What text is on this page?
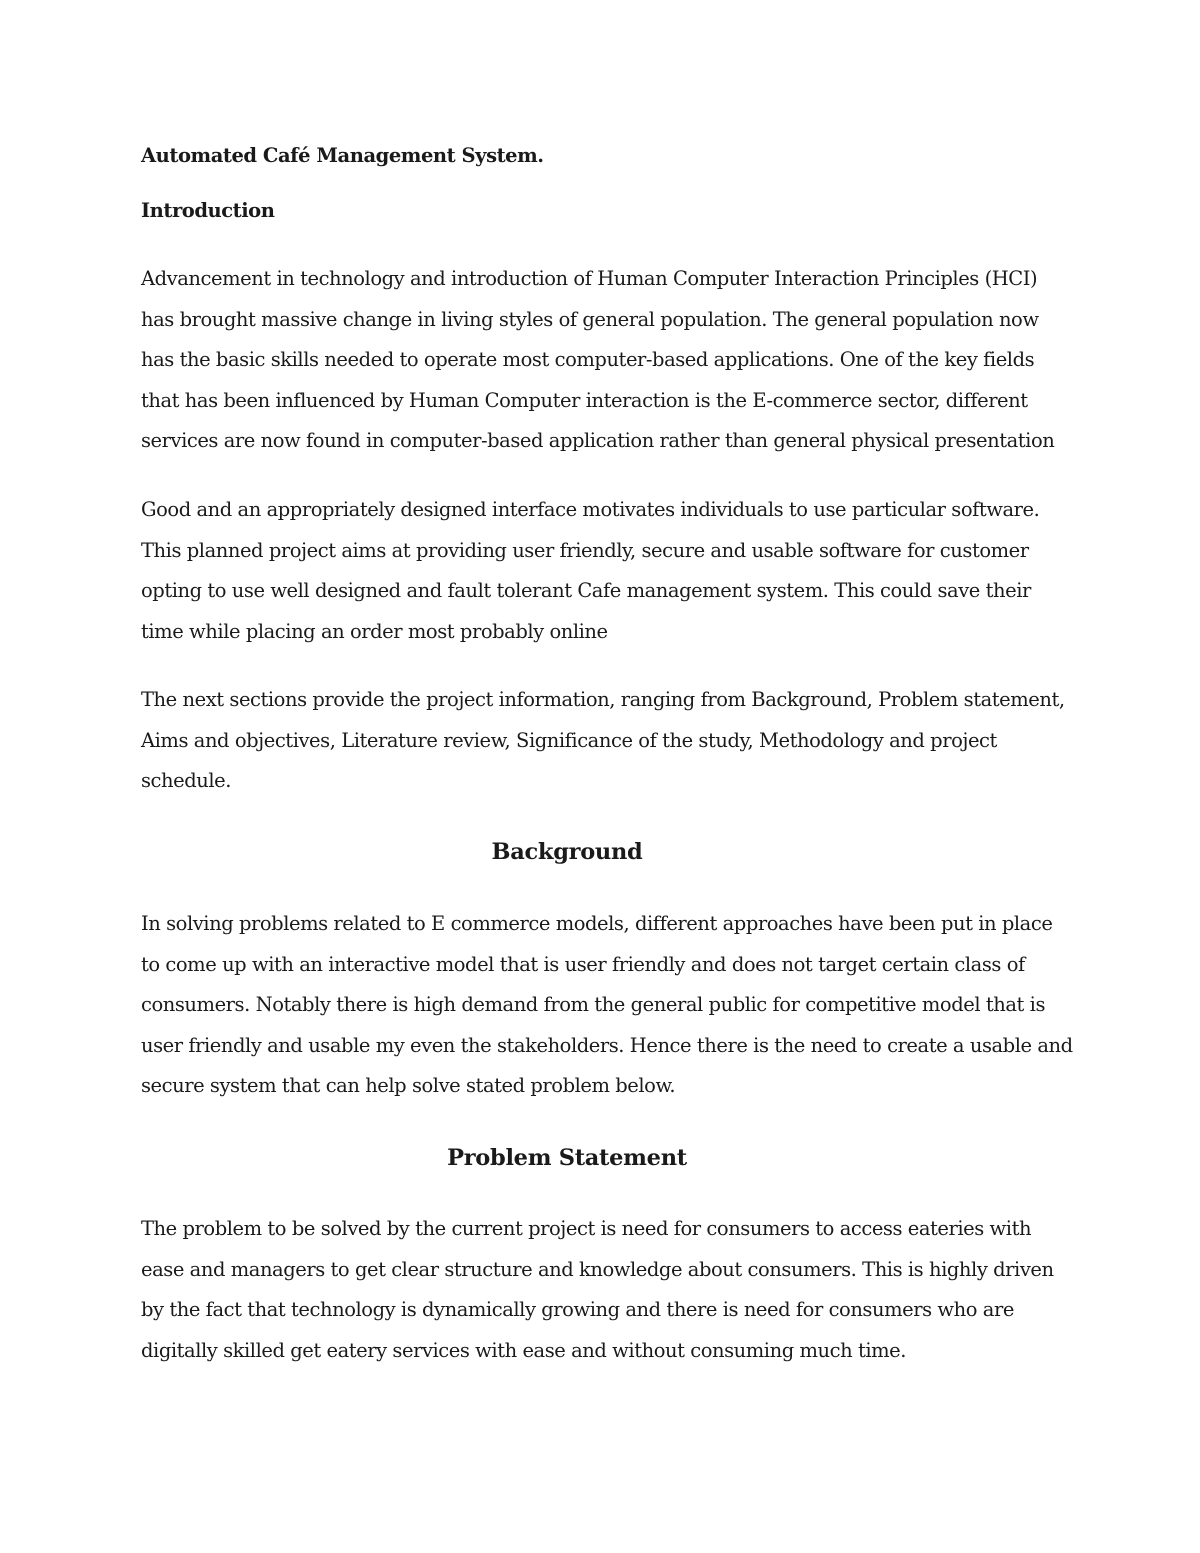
Automated Café Management System.
Introduction

Advancement in technology and introduction of Human Computer Interaction Principles (HCI)
has brought massive change in living styles of general population. The general population now
has the basic skills needed to operate most computer-based applications. One of the key fields
that has been influenced by Human Computer interaction is the E-commerce sector, different
services are now found in computer-based application rather than general physical presentation

Good and an appropriately designed interface motivates individuals to use particular software.
This planned project aims at providing user friendly, secure and usable software for customer
opting to use well designed and fault tolerant Cafe management system. This could save their
time while placing an order most probably online

The next sections provide the project information, ranging from Background, Problem statement,
Aims and objectives, Literature review, Significance of the study, Methodology and project
schedule.

Background

In solving problems related to E commerce models, different approaches have been put in place
to come up with an interactive model that is user friendly and does not target certain class of
consumers. Notably there is high demand from the general public for competitive model that is
user friendly and usable my even the stakeholders. Hence there is the need to create a usable and
secure system that can help solve stated problem below.

Problem Statement

The problem to be solved by the current project is need for consumers to access eateries with
ease and managers to get clear structure and knowledge about consumers. This is highly driven
by the fact that technology is dynamically growing and there is need for consumers who are
digitally skilled get eatery services with ease and without consuming much time.
